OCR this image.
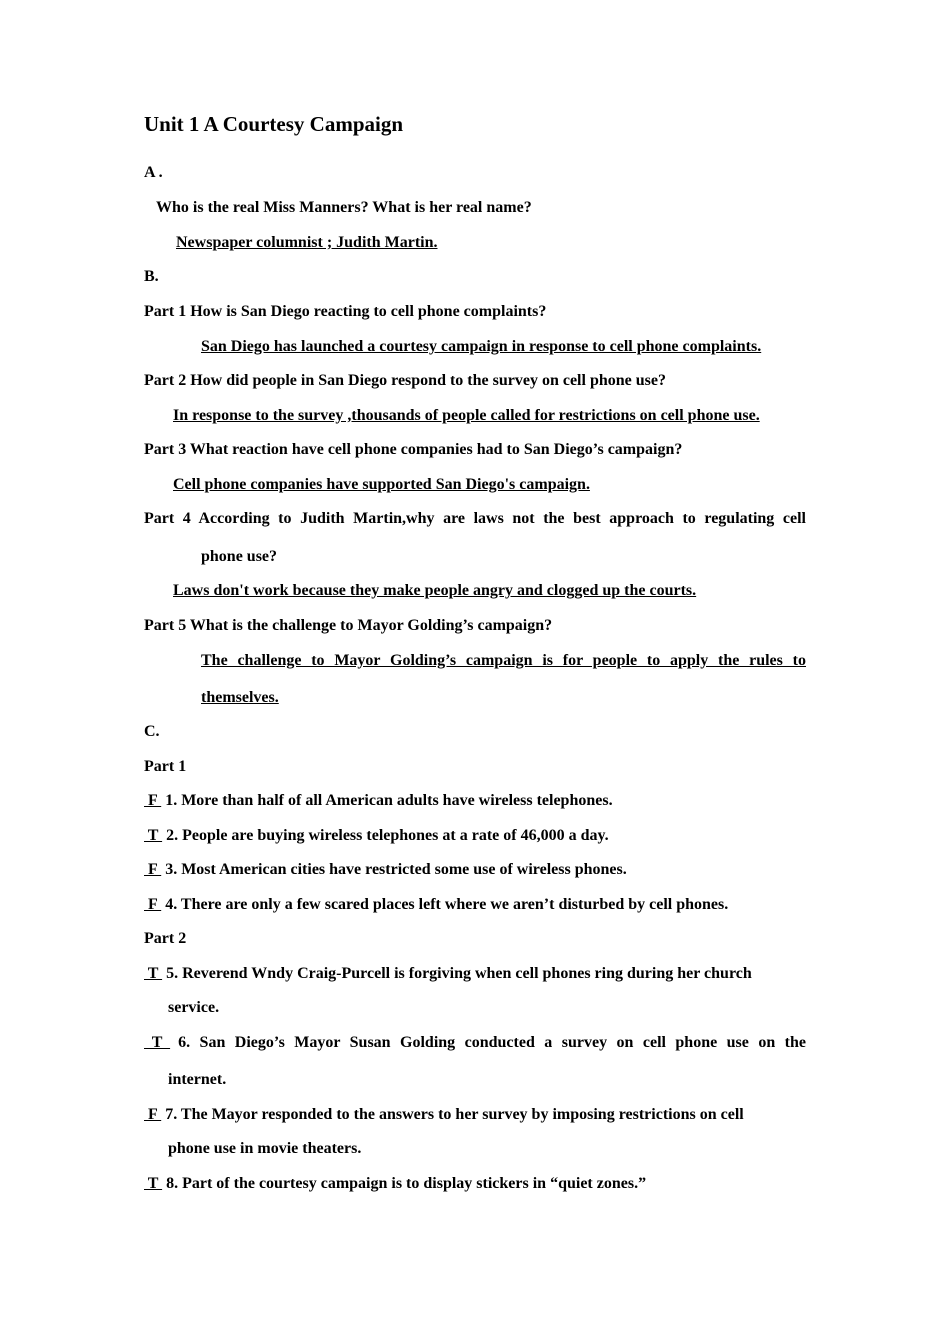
Unit 1 A Courtesy Campaign
A .
Who is the real Miss Manners? What is her real name?
Newspaper columnist ; Judith Martin.
B.
Part 1 How is San Diego reacting to cell phone complaints?
San Diego has launched a courtesy campaign in response to cell phone complaints.
Part 2 How did people in San Diego respond to the survey on cell phone use?
In response to the survey ,thousands of people called for restrictions on cell phone use.
Part 3 What reaction have cell phone companies had to San Diego’s campaign?
Cell phone companies have supported San Diego's campaign.
Part 4 According to Judith Martin,why are laws not the best approach to regulating cell
phone use?
Laws don't work because they make people angry and clogged up the courts.
Part 5 What is the challenge to Mayor Golding’s campaign?
The challenge to Mayor Golding’s campaign is for people to apply the rules to
themselves.
C.
Part 1
F  1. More than half of all American adults have wireless telephones.
T  2. People are buying wireless telephones at a rate of 46,000 a day.
F  3. Most American cities have restricted some use of wireless phones.
F  4. There are only a few scared places left where we aren’t disturbed by cell phones.
Part 2
T  5. Reverend Wndy Craig-Purcell is forgiving when cell phones ring during her church
service.
T 6. San Diego’s Mayor Susan Golding conducted a survey on cell phone use on the
internet.
F  7. The Mayor responded to the answers to her survey by imposing restrictions on cell
phone use in movie theaters.
T  8. Part of the courtesy campaign is to display stickers in “quiet zones.”
